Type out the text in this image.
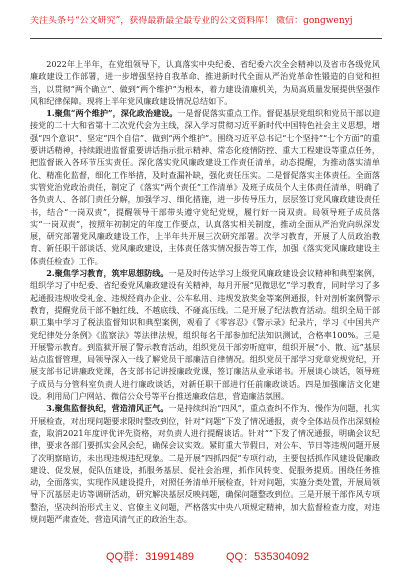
关注头条号“公文研究”，获得最新最全最专业的公文资料库！ 微信：gongwenyj

2022年上半年，在党组领导下，认真落实中央纪委、省纪委六次全会精神以及省市各级党风廉政建设工作部署，进一步增强坚持自我革命、推进新时代全面从严治党革命性锻造的自觉和担当，以贯彻“两个确立”、做到“两个维护”为根本，着力建设清廉机关，为局高质量发展提供坚强作风和纪律保障。现将上半年党风廉政建设情况总结如下。

1.聚焦“两个维护”，深化政治建设。一是督促落实重点工作。督促基层党组织和党员干部以迎接党的二十大和省第十二次党代会为主线，深入学习贯彻习近平新时代中国特色社会主义思想，增强“四个意识”、坚定“四个自信”、做到“两个维护”。围绕习近平总书记“七个坚持”“七个方面”的重要讲话精神，持续跟进监督重要讲话指示批示精神、常态化疫情防控、重大工程建设等重点任务，把监督嵌入各环节压实责任。深化落实党风廉政建设工作责任清单，动态提醒，为推动落实清单化、精准化监督，细化工作举措，及时查漏补缺，强化责任压实。二是督促落实主体责任。全面落实管党治党政治责任，制定了《落实“两个责任”工作清单》及班子成员个人主体责任清单，明确了各负责人、各部门责任分解，加强学习、细化措施，进一步传导压力，层层签订党风廉政建设责任书，结合“一岗双责”，提醒领导干部带头遵守党纪党规，履行好一岗双责。局领导班子成员落实“一岗双责”，按照年初制定的年度工作要点，认真落实相关制度，推动全面从严治党向纵深发展，研究部署党风廉政建设工作，上半年共开展三次研究部署。次学习教育，开展了人员政治教育、新任职干部谈话、党风廉政建设，主体责任落实情况报告等工作，加强《落实党风廉政建设主体责任检查》工作。

2.聚焦学习教育，筑牢思想防线。一是及时传达学习上级党风廉政建设会议精神和典型案例，组织学习了中纪委、省纪委党风廉政建设有关精神，每月开展“见微思忆”学习教育，同时学习了多起通报违规收受礼金、违规经商办企业、公车私用、违规发放奖金等案例通报，针对剖析案例警示教育，提醒党员干部不触红线、不越底线、不碰高压线。二是开展了纪法教育活动。组织全局干部职工集中学习了税法监督知识和典型案例，观看了《零容忍》《警示录》纪录片，学习《中国共产党纪律处分条例》《监察法》等法律法规，组织每名干部参加纪法知识测试，合格率100%。三是开展警示教育。到监狱开展了警示教育活动，组织党员干部旁听庭审，组织开展“小、散、远”基层站点监督管理，局领导深入一线了解党员干部廉洁自律情况。组织党员干部学习党章党规党纪，开展支部书记讲廉政党课，各支部书记讲授廉政党课，签订廉洁从业承诺书。开展谈心谈话，领导班子成员与分管科室负责人进行廉政谈话，对新任职干部进行任前廉政谈话。四是加强廉洁文化建设。利用局门户网站、微信公众号等平台推送廉政信息，营造廉洁氛围。

3.聚焦监督执纪，营造清风正气。一是持续纠治“四风”，重点查纠不作为、慢作为问题，扎实开展检查，对出现问题要求限时整改到位，针对“问题”下发了情况通报，责令全体站员作出深刻检查，取消2021年度评优评先资格，对负责人进行提醒谈话。针对“”下发了情况通报，明确会议纪律，要求各部门要抓实会风会纪，确保会议实效。紧盯重大节假日，对公车、节日等违规问题开展了次明察暗访，未出现违规违纪现象。二是开展“四抓四促”专项行动，主要包括抓作风建设促廉政建设、促发展，促队伍建设，抓服务基层、促社会治理，抓作风转变、促服务提质。围绕任务推动，全面落实，实现作风建设提升，对照任务清单开展检查，针对问题，实施分类处置，开展局领导下沉基层走访等调研活动，研究解决基层反映问题，确保问题整改到位。三是开展干部作风专项整治，坚决纠治形式主义、官僚主义问题，严格落实中央八项规定精神，加大监督检查力度，对违规问题严肃查处，营造风清气正的政治生态。

QQ群：31991489	QQ：535304092
